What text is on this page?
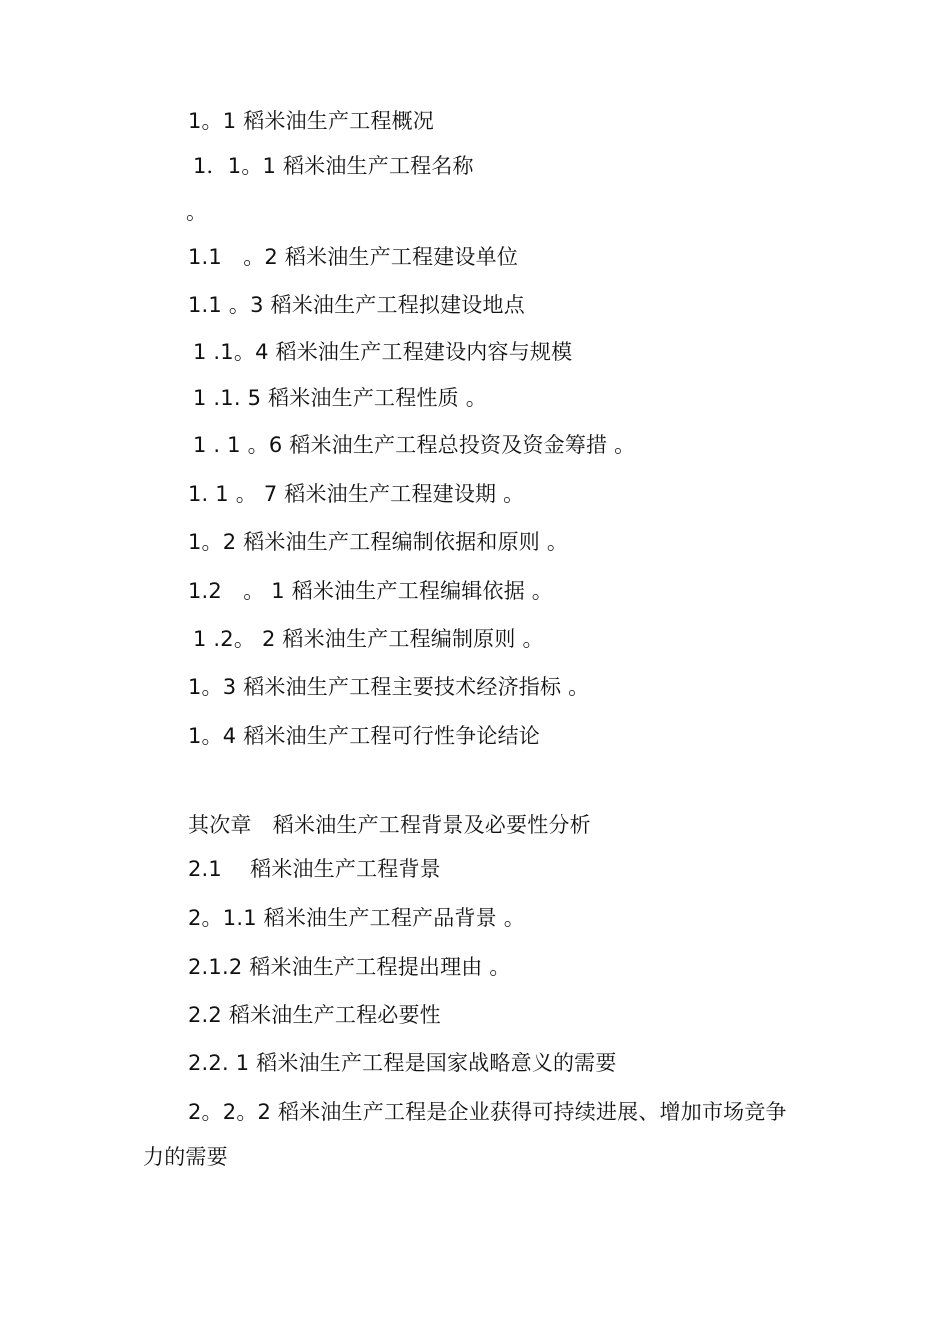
1。1 稻米油生产工程概况
1．1。1 稻米油生产工程名称
。
1.1　。2 稻米油生产工程建设单位
1.1 。3 稻米油生产工程拟建设地点
1 .1。4 稻米油生产工程建设内容与规模
1 .1. 5 稻米油生产工程性质 。
1 . 1 。6 稻米油生产工程总投资及资金筹措 。
1. 1 。 7 稻米油生产工程建设期 。
1。2 稻米油生产工程编制依据和原则 。
1.2　。 1 稻米油生产工程编辑依据 。
1 .2。 2 稻米油生产工程编制原则 。
1。3 稻米油生产工程主要技术经济指标 。
1。4 稻米油生产工程可行性争论结论
其次章　稻米油生产工程背景及必要性分析
2.1　 稻米油生产工程背景
2。1.1 稻米油生产工程产品背景 。
2.1.2 稻米油生产工程提出理由 。
2.2 稻米油生产工程必要性
2.2. 1 稻米油生产工程是国家战略意义的需要
2。2。2 稻米油生产工程是企业获得可持续进展、增加市场竞争
力的需要
